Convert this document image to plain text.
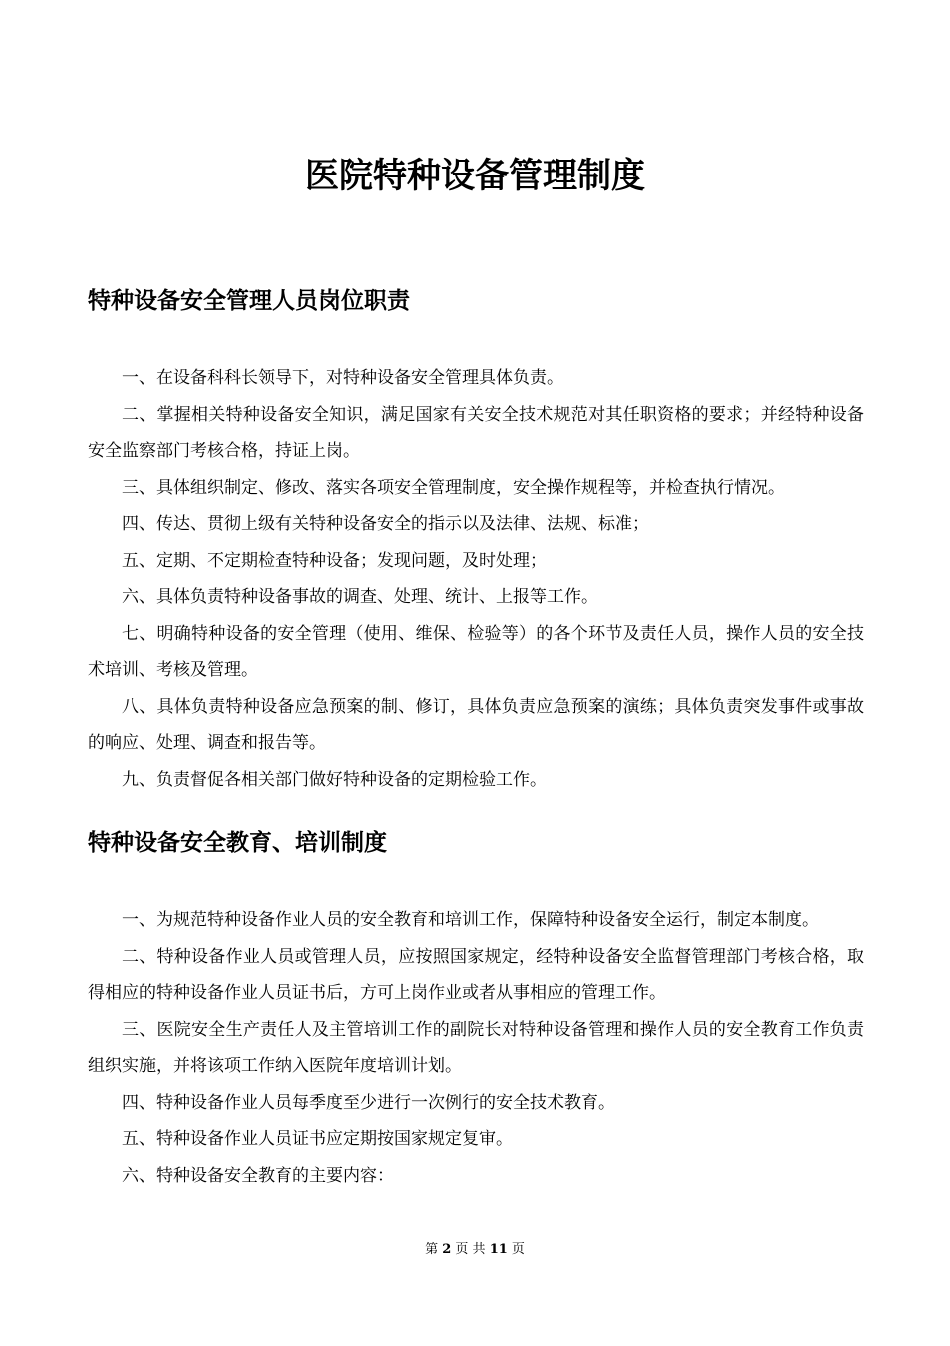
医院特种设备管理制度
特种设备安全管理人员岗位职责

一、在设备科科长领导下，对特种设备安全管理具体负责。

二、掌握相关特种设备安全知识，满足国家有关安全技术规范对其任职资格的要求；并经特种设备安全监察部门考核合格，持证上岗。

三、具体组织制定、修改、落实各项安全管理制度，安全操作规程等，并检查执行情况。

四、传达、贯彻上级有关特种设备安全的指示以及法律、法规、标准；

五、定期、不定期检查特种设备；发现问题，及时处理；

六、具体负责特种设备事故的调查、处理、统计、上报等工作。

七、明确特种设备的安全管理（使用、维保、检验等）的各个环节及责任人员，操作人员的安全技术培训、考核及管理。

八、具体负责特种设备应急预案的制、修订，具体负责应急预案的演练；具体负责突发事件或事故的响应、处理、调查和报告等。

九、负责督促各相关部门做好特种设备的定期检验工作。

特种设备安全教育、培训制度

一、为规范特种设备作业人员的安全教育和培训工作，保障特种设备安全运行，制定本制度。

二、特种设备作业人员或管理人员，应按照国家规定，经特种设备安全监督管理部门考核合格，取得相应的特种设备作业人员证书后，方可上岗作业或者从事相应的管理工作。

三、医院安全生产责任人及主管培训工作的副院长对特种设备管理和操作人员的安全教育工作负责组织实施，并将该项工作纳入医院年度培训计划。

四、特种设备作业人员每季度至少进行一次例行的安全技术教育。

五、特种设备作业人员证书应定期按国家规定复审。

六、特种设备安全教育的主要内容：

第 2 页 共 11 页
